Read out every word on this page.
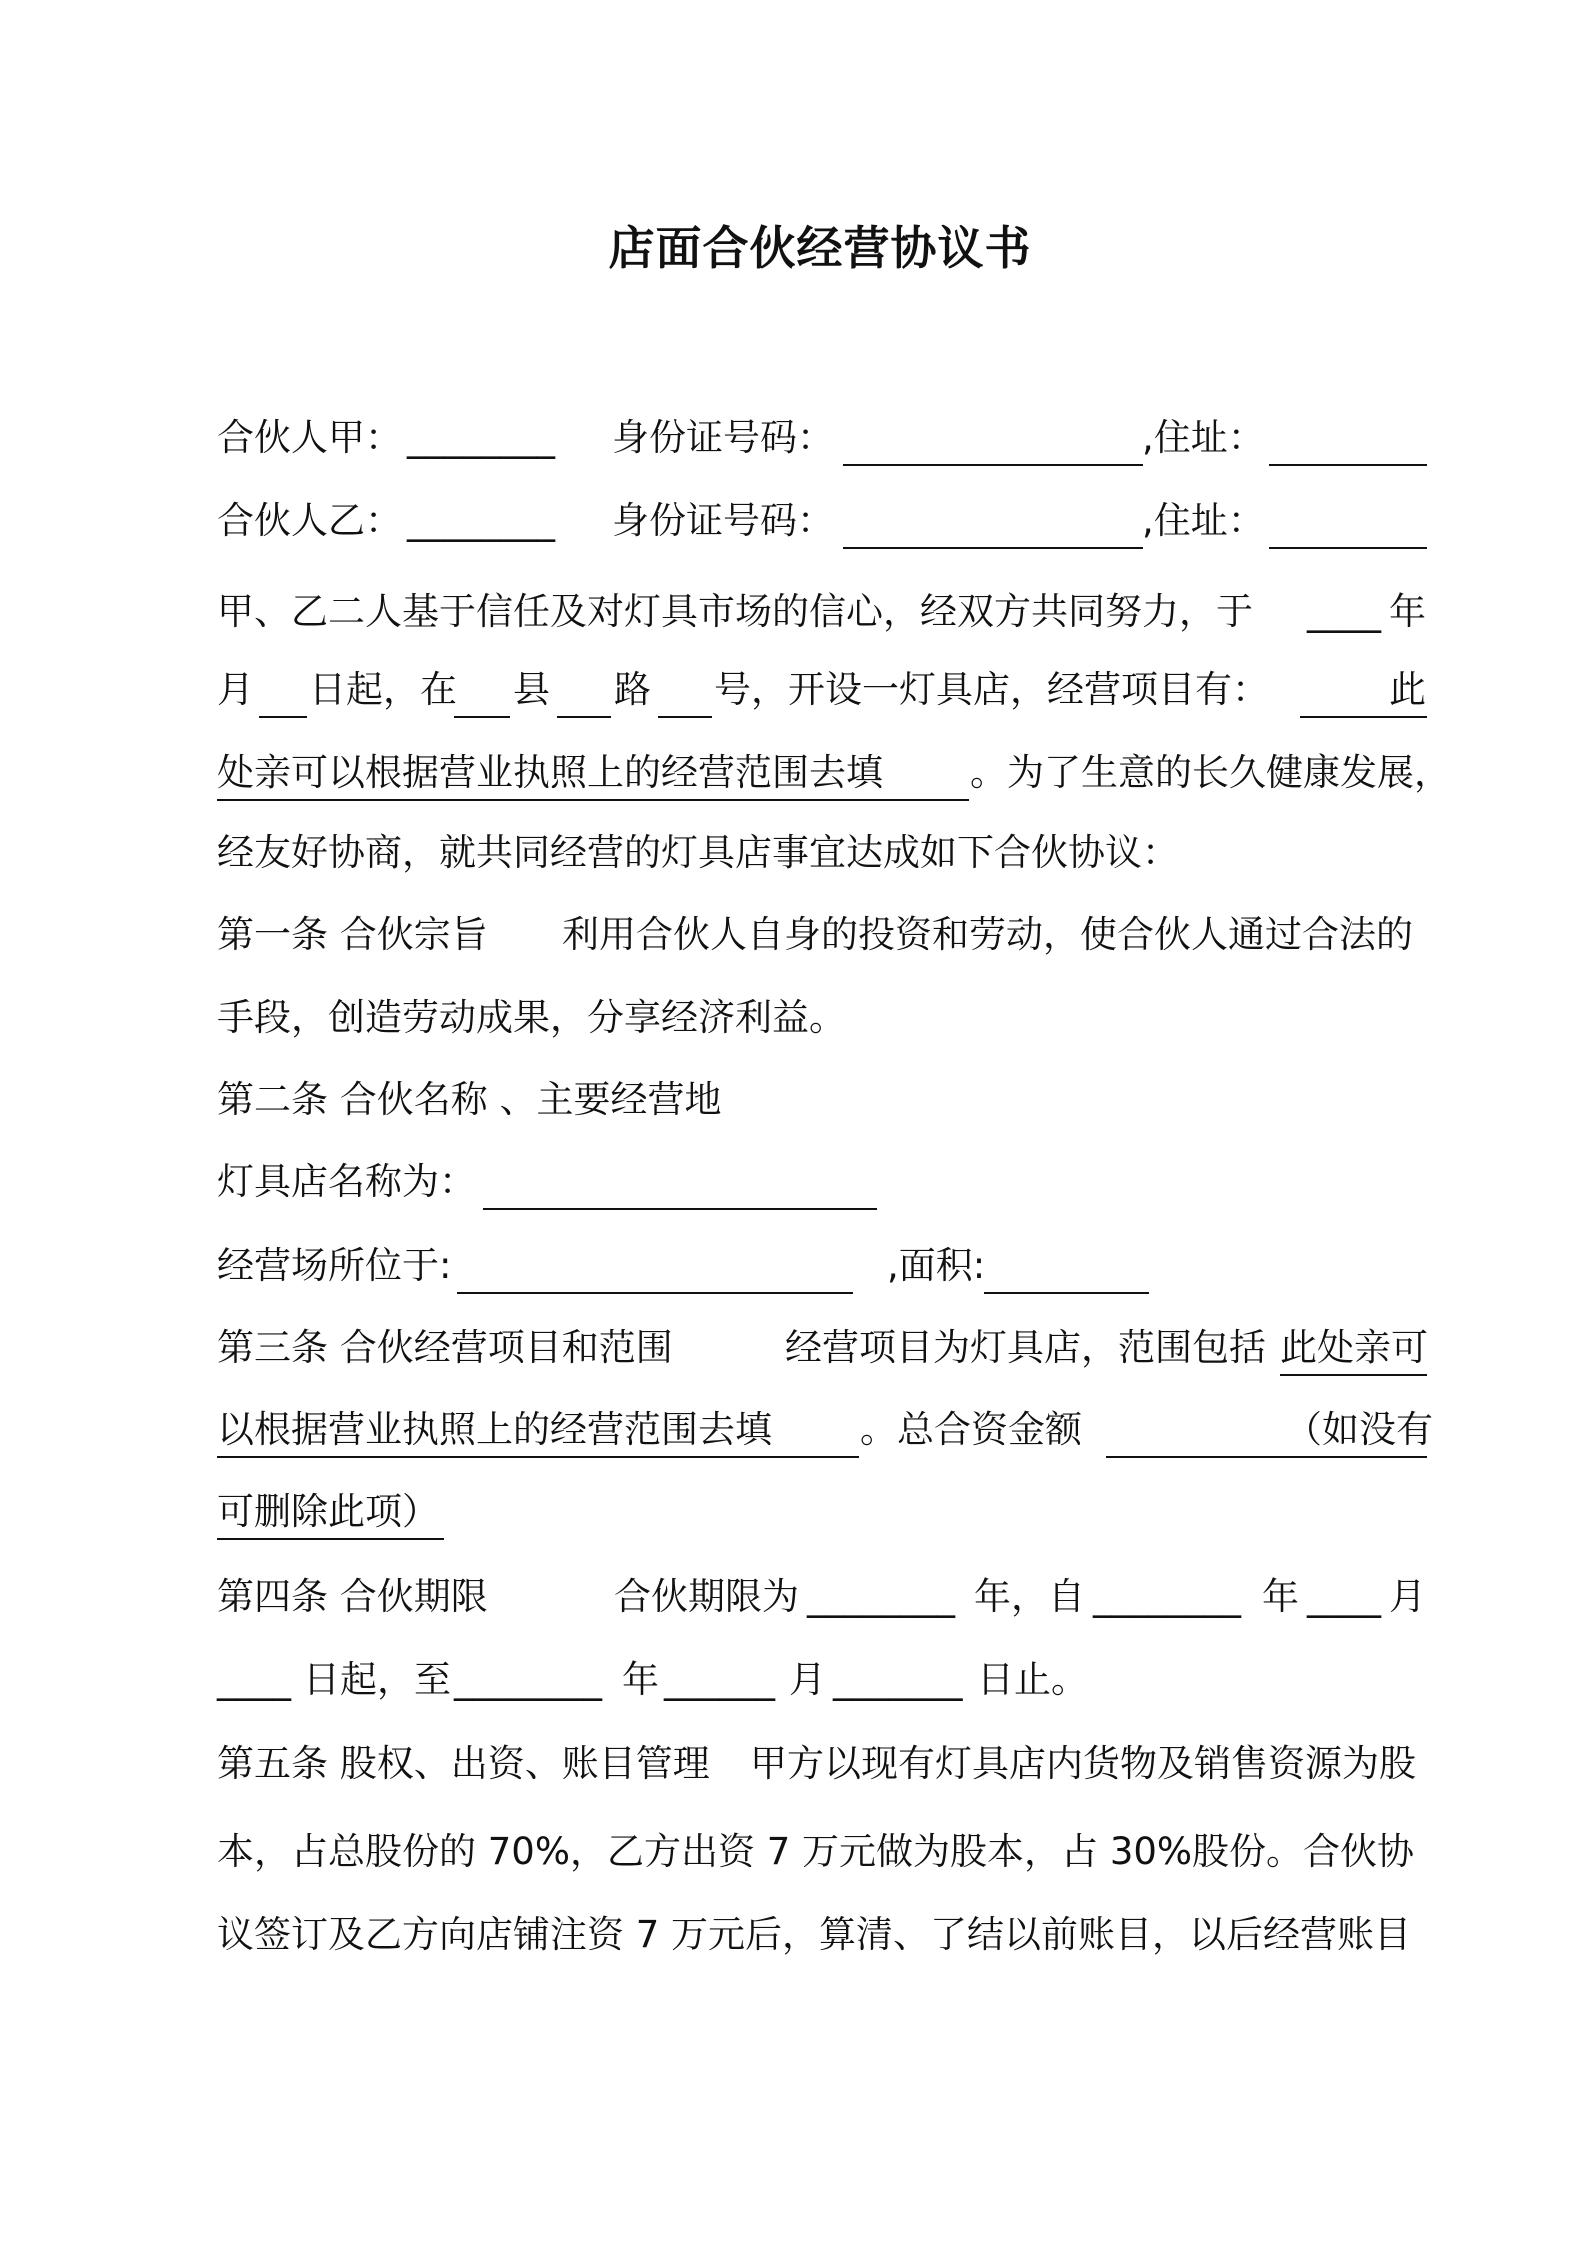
店面合伙经营协议书
合伙人甲： ________ 身份证号码：	,住址：
合伙人乙： ________ 身份证号码：	,住址：
甲、乙二人基于信任及对灯具市场的信心，经双方共同努力，于 ____ 年
月 日起，在 县 路 号，开设一灯具店，经营项目有：	此
处亲可以根据营业执照上的经营范围去填 。为了生意的长久健康发展，
经友好协商，就共同经营的灯具店事宜达成如下合伙协议：
第一条 合伙宗旨 利用合伙人自身的投资和劳动，使合伙人通过合法的
手段，创造劳动成果，分享经济利益。
第二条 合伙名称 、主要经营地
灯具店名称为：
经营场所位于:	,面积:
第三条 合伙经营项目和范围	经营项目为灯具店，范围包括 此处亲可
以根据营业执照上的经营范围去填 。总合资金额	（如没有
可删除此项）
第四条 合伙期限	合伙期限为 ________ 年，自 ________ 年 ____ 月
____ 日起，至 ________ 年 ______ 月 _______ 日止。
第五条 股权、出资、账目管理 甲方以现有灯具店内货物及销售资源为股
本，占总股份的 70%，乙方出资 7 万元做为股本，占 30%股份。合伙协
议签订及乙方向店铺注资 7 万元后，算清、了结以前账目，以后经营账目
